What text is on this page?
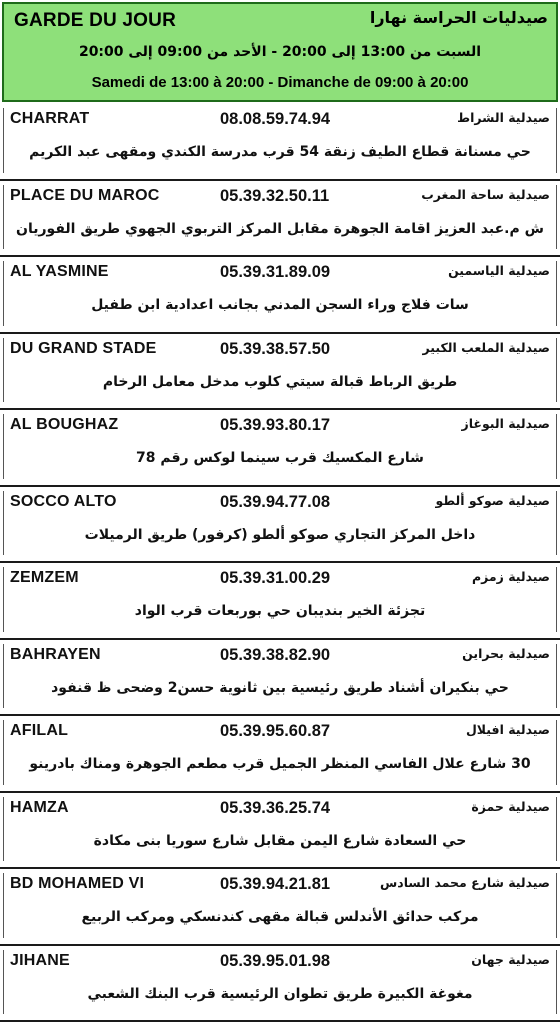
GARDE DU JOUR	صيدليات الحراسة نهارا
السبت من 13:00 إلى 20:00 - الأحد من 09:00 إلى 20:00
Samedi de 13:00 à 20:00 - Dimanche de 09:00 à 20:00
CHARRAT	08.08.59.74.94	صيدلية الشراط
حي مسنانة قطاع الطيف زنقة 54 قرب مدرسة الكندي ومقهى عبد الكريم
PLACE DU MAROC	05.39.32.50.11	صيدلية ساحة المغرب
ش م.عبد العزيز اقامة الجوهرة مقابل المركز التربوي الجهوي طريق الفوريان
AL YASMINE	05.39.31.89.09	صيدلية الياسمين
سات فلاج وراء السجن المدني بجانب اعدادية ابن طفيل
DU GRAND STADE	05.39.38.57.50	صيدلية الملعب الكبير
طريق الرباط قبالة سيتي كلوب مدخل معامل الرخام
AL BOUGHAZ	05.39.93.80.17	صيدلية البوغاز
شارع المكسيك قرب سينما لوكس رقم 78
SOCCO ALTO	05.39.94.77.08	صيدلية صوكو ألطو
داخل المركز التجاري صوكو ألطو (كرفور) طريق الرميلات
ZEMZEM	05.39.31.00.29	صيدلية زمزم
تجزئة الخير بنديبان حي بوربعات قرب الواد
BAHRAYEN	05.39.38.82.90	صيدلية بحراين
حي بنكيران أشناد طريق رئيسية بين ثانوية حسن2 وضحى ظ قنفود
AFILAL	05.39.95.60.87	صيدلية افيلال
30 شارع علال الفاسي المنظر الجميل قرب مطعم الجوهرة ومناك بادرينو
HAMZA	05.39.36.25.74	صيدلية حمزة
حي السعادة شارع اليمن مقابل شارع سوريا بنى مكادة
BD MOHAMED VI	05.39.94.21.81	صيدلية شارع محمد السادس
مركب حدائق الأندلس قبالة مقهى كندنسكي ومركب الربيع
JIHANE	05.39.95.01.98	صيدلية جهان
مغوغة الكبيرة طريق تطوان الرئيسية قرب البنك الشعبي
